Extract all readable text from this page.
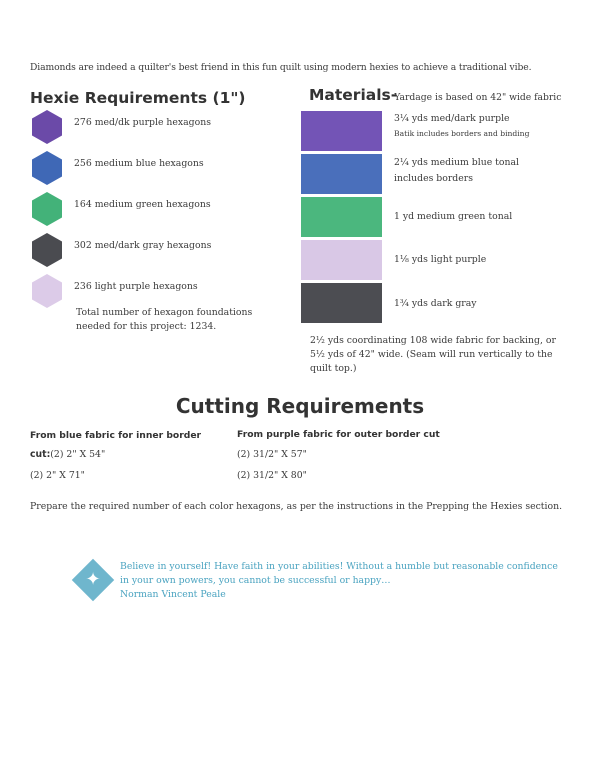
Diamonds are indeed a quilter's best friend in this fun quilt using modern hexies to achieve a traditional vibe.
Hexie Requirements (1")
276 med/dk purple hexagons
256 medium blue hexagons
164 medium green hexagons
302 med/dark gray hexagons
236 light purple hexagons
Total number of hexagon foundations needed for this project: 1234.
Materials-Yardage is based on 42" wide fabric
3¼ yds med/dark purple
Batik includes borders and binding
2¼ yds medium blue tonal
includes borders
1 yd medium green tonal
1⅛ yds light purple
1¾ yds dark gray
2½ yds coordinating 108 wide fabric for backing, or 5½ yds of 42" wide. (Seam will run vertically to the quilt top.)
Cutting Requirements
From blue fabric for inner border	From purple fabric for outer border cut
cut:(2) 2" X 54"
(2) 2" X 71"
(2) 31/2" X 57"
(2) 31/2" X 80"
Prepare the required number of each color hexagons, as per the instructions in the Prepping the Hexies section.
✦
Believe in yourself! Have faith in your abilities! Without a humble but reasonable confidence in your own powers, you cannot be successful or happy…
Norman Vincent Peale
